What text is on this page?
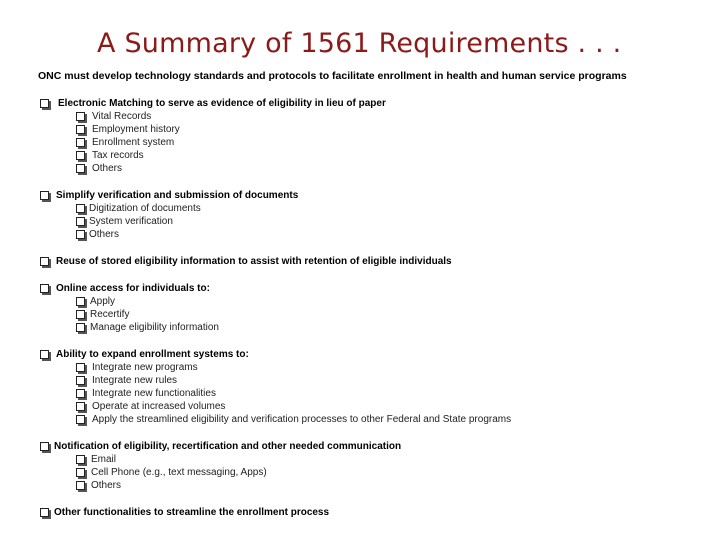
A Summary of 1561 Requirements . . .
ONC must develop technology standards and protocols to facilitate enrollment in health and human service programs
Electronic Matching to serve as evidence of eligibility in lieu of paper
Vital Records
Employment history
Enrollment system
Tax records
Others
Simplify verification and submission of documents
Digitization of documents
System verification
Others
Reuse of stored eligibility information to assist with retention of eligible individuals
Online access for individuals to:
Apply
Recertify
Manage eligibility information
Ability to expand enrollment systems to:
Integrate new programs
Integrate new rules
Integrate new functionalities
Operate at increased volumes
Apply the streamlined eligibility and verification processes to other Federal and State programs
Notification of eligibility, recertification and other needed communication
Email
Cell Phone (e.g., text messaging, Apps)
Others
Other functionalities to streamline the enrollment process
